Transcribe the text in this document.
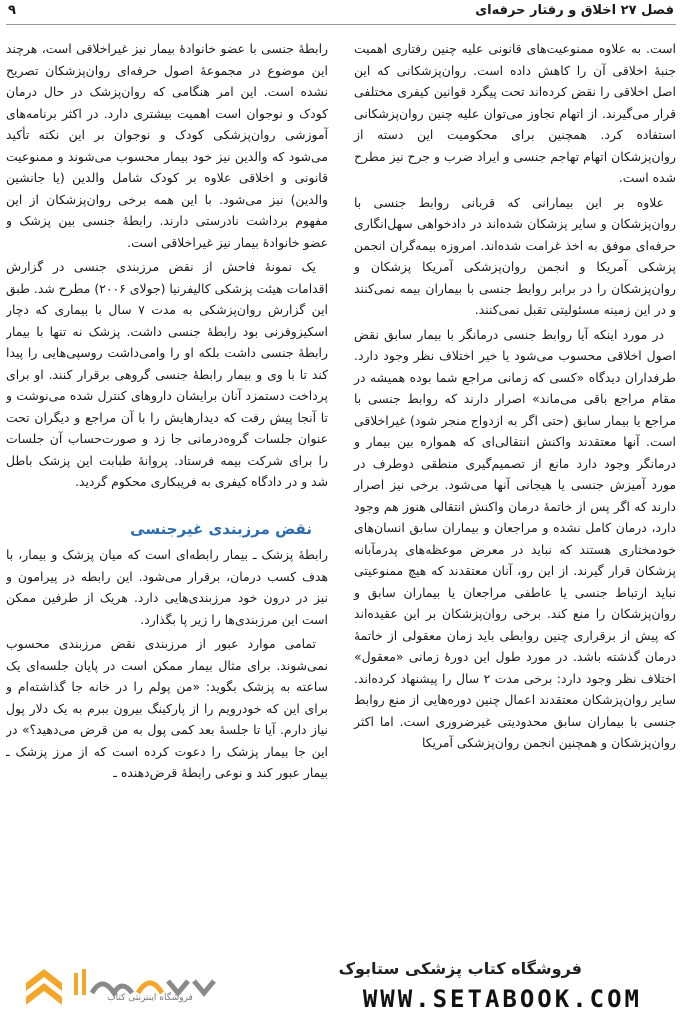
فصل ۲۷ اخلاق و رفتار حرفه‌ای
۹

است. به علاوه ممنوعیت‌های قانونی علیه چنین رفتاری اهمیت جنبهٔ اخلاقی آن را کاهش داده است. روان‌پزشکانی که این اصل اخلاقی را نقض کرده‌اند تحت پیگرد قوانین کیفری مختلفی قرار می‌گیرند. از اتهام تجاوز می‌توان علیه چنین روان‌پزشکانی استفاده کرد. همچنین برای محکومیت این دسته از روان‌پزشکان اتهام تهاجم جنسی و ایراد ضرب و جرح نیز مطرح شده است.

علاوه بر این بیمارانی که قربانی روابط جنسی با روان‌پزشکان و سایر پزشکان شده‌اند در دادخواهی سهل‌انگاری حرفه‌ای موفق به اخذ غرامت شده‌اند. امروزه بیمه‌گران انجمن پزشکی آمریکا و انجمن روان‌پزشکی آمریکا پزشکان و روان‌پزشکان را در برابر روابط جنسی با بیماران بیمه نمی‌کنند و در این زمینه مسئولیتی تقبل نمی‌کنند.

در مورد اینکه آیا روابط جنسی درمانگر با بیمار سابق نقض اصول اخلاقی محسوب می‌شود یا خیر اختلاف نظر وجود دارد. طرفداران دیدگاه «کسی که زمانی مراجع شما بوده همیشه در مقام مراجع باقی می‌ماند» اصرار دارند که روابط جنسی با مراجع یا بیمار سابق (حتی اگر به ازدواج منجر شود) غیراخلاقی است. آنها معتقدند واکنش انتقالی‌ای که همواره بین بیمار و درمانگر وجود دارد مانع از تصمیم‌گیری منطقی دوطرف در مورد آمیزش جنسی یا هیجانی آنها می‌شود. برخی نیز اصرار دارند که اگر پس از خاتمهٔ درمان واکنش انتقالی هنوز هم وجود دارد، درمان کامل نشده و مراجعان و بیماران سابق انسان‌های خودمختاری هستند که نباید در معرض موعظه‌های پدرمآبانه پزشکان قرار گیرند. از این رو، آنان معتقدند که هیچ ممنوعیتی نباید ارتباط جنسی یا عاطفی مراجعان یا بیماران سابق و روان‌پزشکان را منع کند. برخی روان‌پزشکان بر این عقیده‌اند که پیش از برقراری چنین روابطی باید زمان معقولی از خاتمهٔ درمان گذشته باشد. در مورد طول این دورهٔ زمانی «معقول» اختلاف نظر وجود دارد: برخی مدت ۲ سال را پیشنهاد کرده‌اند. سایر روان‌پزشکان معتقدند اعمال چنین دوره‌هایی از منع روابط جنسی با بیماران سابق محدودیتی غیرضروری است. اما اکثر روان‌پزشکان و همچنین انجمن روان‌پزشکی آمریکا

رابطهٔ جنسی با عضو خانوادهٔ بیمار نیز غیراخلاقی است، هرچند این موضوع در مجموعهٔ اصول حرفه‌ای روان‌پزشکان تصریح نشده است. این امر هنگامی که روان‌پزشک در حال درمان کودک و نوجوان است اهمیت بیشتری دارد. در اکثر برنامه‌های آموزشی روان‌پزشکی کودک و نوجوان بر این نکته تأکید می‌شود که والدین نیز خود بیمار محسوب می‌شوند و ممنوعیت قانونی و اخلاقی علاوه بر کودک شامل والدین (یا جانشین والدین) نیز می‌شود. با این همه برخی روان‌پزشکان از این مفهوم برداشت نادرستی دارند. رابطهٔ جنسی بین پزشک و عضو خانوادهٔ بیمار نیز غیراخلاقی است.

یک نمونهٔ فاحش از نقض مرزبندی جنسی در گزارش اقدامات هیئت پزشکی کالیفرنیا (جولای ۲۰۰۶) مطرح شد. طبق این گزارش روان‌پزشکی به مدت ۷ سال با بیماری که دچار اسکیزوفرنی بود رابطهٔ جنسی داشت. پزشک نه تنها با بیمار رابطهٔ جنسی داشت بلکه او را وامی‌داشت روسپی‌هایی را پیدا کند تا با وی و بیمار رابطهٔ جنسی گروهی برقرار کنند. او برای پرداخت دستمزد آنان برایشان داروهای کنترل شده می‌نوشت و تا آنجا پیش رفت که دیدارهایش را با آن مراجع و دیگران تحت عنوان جلسات گروه‌درمانی جا زد و صورت‌حساب آن جلسات را برای شرکت بیمه فرستاد. پروانهٔ طبابت این پزشک باطل شد و در دادگاه کیفری به فریبکاری محکوم گردید.

نقض مرزبندی غیرجنسی

رابطهٔ پزشک ـ بیمار رابطه‌ای است که میان پزشک و بیمار، با هدف کسب درمان، برقرار می‌شود. این رابطه در پیرامون و نیز در درون خود مرزبندی‌هایی دارد. هریک از طرفین ممکن است این مرزبندی‌ها را زیر پا بگذارد.

تمامی موارد عبور از مرزبندی نقض مرزبندی محسوب نمی‌شوند. برای مثال بیمار ممکن است در پایان جلسه‌ای یک ساعته به پزشک بگوید: «من پولم را در خانه جا گذاشته‌ام و برای این که خودرویم را از پارکینگ بیرون ببرم به یک دلار پول نیاز دارم. آیا تا جلسهٔ بعد کمی پول به من قرض می‌دهید؟» در این جا بیمار پزشک را دعوت کرده است که از مرز پزشک ـ بیمار عبور کند و نوعی رابطهٔ قرض‌دهنده ـ

فروشگاه اینترنتی کتاب
فروشگاه کتاب پزشکی ستابوک
WWW.SETABOOK.COM
